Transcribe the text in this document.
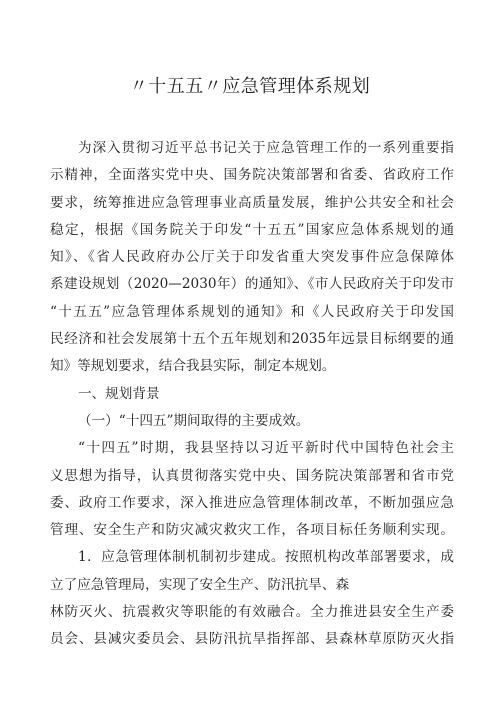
〃十五五〃应急管理体系规划

为深入贯彻习近平总书记关于应急管理工作的一系列重要指

示精神，全面落实党中央、国务院决策部署和省委、省政府工作

要求，统筹推进应急管理事业高质量发展，维护公共安全和社会

稳定，根据《国务院关于印发“十五五”国家应急体系规划的通

知》、《省人民政府办公厅关于印发省重大突发事件应急保障体

系建设规划（2020—2030年）的通知》、《市人民政府关于印发市

“十五五”应急管理体系规划的通知》和《人民政府关于印发国

民经济和社会发展第十五个五年规划和2035年远景目标纲要的通

知》等规划要求，结合我县实际，制定本规划。

一、规划背景

（一）“十四五”期间取得的主要成效。

“十四五”时期，我县坚持以习近平新时代中国特色社会主

义思想为指导，认真贯彻落实党中央、国务院决策部署和省市党

委、政府工作要求，深入推进应急管理体制改革，不断加强应急

管理、安全生产和防灾减灾救灾工作，各项目标任务顺利实现。

1．应急管理体制机制初步建成。按照机构改革部署要求，成

立了应急管理局，实现了安全生产、防汛抗旱、森

林防灭火、抗震救灾等职能的有效融合。全力推进县安全生产委

员会、县减灾委员会、县防汛抗旱指挥部、县森林草原防灭火指
